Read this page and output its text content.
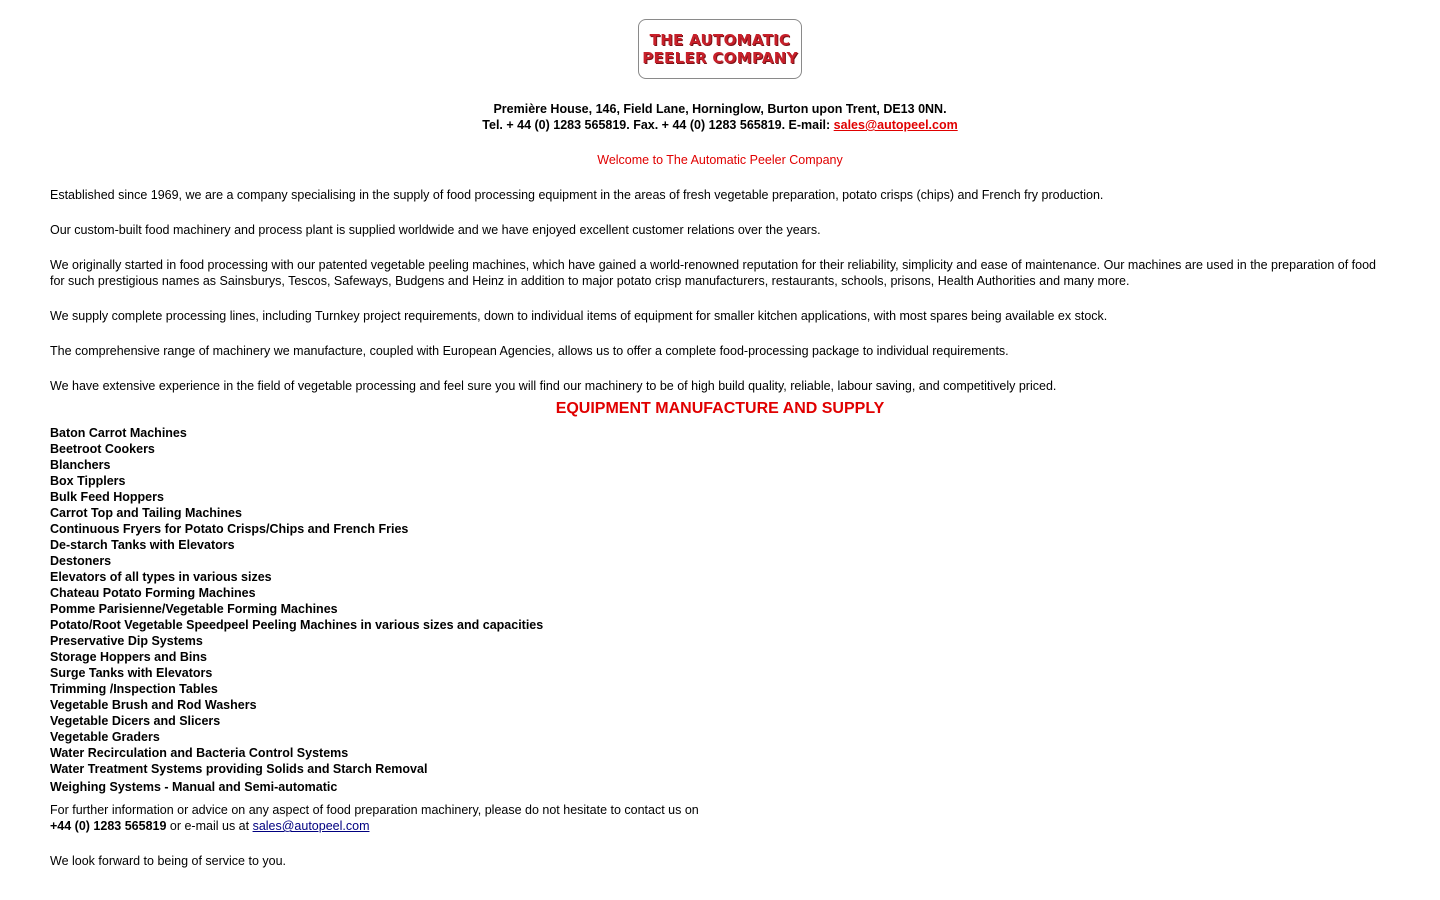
THE AUTOMATIC
PEELER COMPANY
Première House, 146, Field Lane, Horninglow, Burton upon Trent, DE13 0NN.
Tel. + 44 (0) 1283 565819. Fax. + 44 (0) 1283 565819. E-mail: sales@autopeel.com
Welcome to The Automatic Peeler Company

Established since 1969, we are a company specialising in the supply of food processing equipment in the areas of fresh vegetable preparation, potato crisps (chips) and French fry production.

Our custom-built food machinery and process plant is supplied worldwide and we have enjoyed excellent customer relations over the years.

We originally started in food processing with our patented vegetable peeling machines, which have gained a world-renowned reputation for their reliability, simplicity and ease of maintenance. Our machines are used in the preparation of food for such prestigious names as Sainsburys, Tescos, Safeways, Budgens and Heinz in addition to major potato crisp manufacturers, restaurants, schools, prisons, Health Authorities and many more.

We supply complete processing lines, including Turnkey project requirements, down to individual items of equipment for smaller kitchen applications, with most spares being available ex stock.

The comprehensive range of machinery we manufacture, coupled with European Agencies, allows us to offer a complete food-processing package to individual requirements.

We have extensive experience in the field of vegetable processing and feel sure you will find our machinery to be of high build quality, reliable, labour saving, and competitively priced.

EQUIPMENT MANUFACTURE AND SUPPLY
Baton Carrot Machines
Beetroot Cookers
Blanchers
Box Tipplers
Bulk Feed Hoppers
Carrot Top and Tailing Machines
Continuous Fryers for Potato Crisps/Chips and French Fries
De-starch Tanks with Elevators
Destoners
Elevators of all types in various sizes
Chateau Potato Forming Machines
Pomme Parisienne/Vegetable Forming Machines
Potato/Root Vegetable Speedpeel Peeling Machines in various sizes and capacities
Preservative Dip Systems
Storage Hoppers and Bins
Surge Tanks with Elevators
Trimming /Inspection Tables
Vegetable Brush and Rod Washers
Vegetable Dicers and Slicers
Vegetable Graders
Water Recirculation and Bacteria Control Systems
Water Treatment Systems providing Solids and Starch Removal
Weighing Systems - Manual and Semi-automatic
For further information or advice on any aspect of food preparation machinery, please do not hesitate to contact us on
+44 (0) 1283 565819 or e-mail us at sales@autopeel.com
We look forward to being of service to you.
